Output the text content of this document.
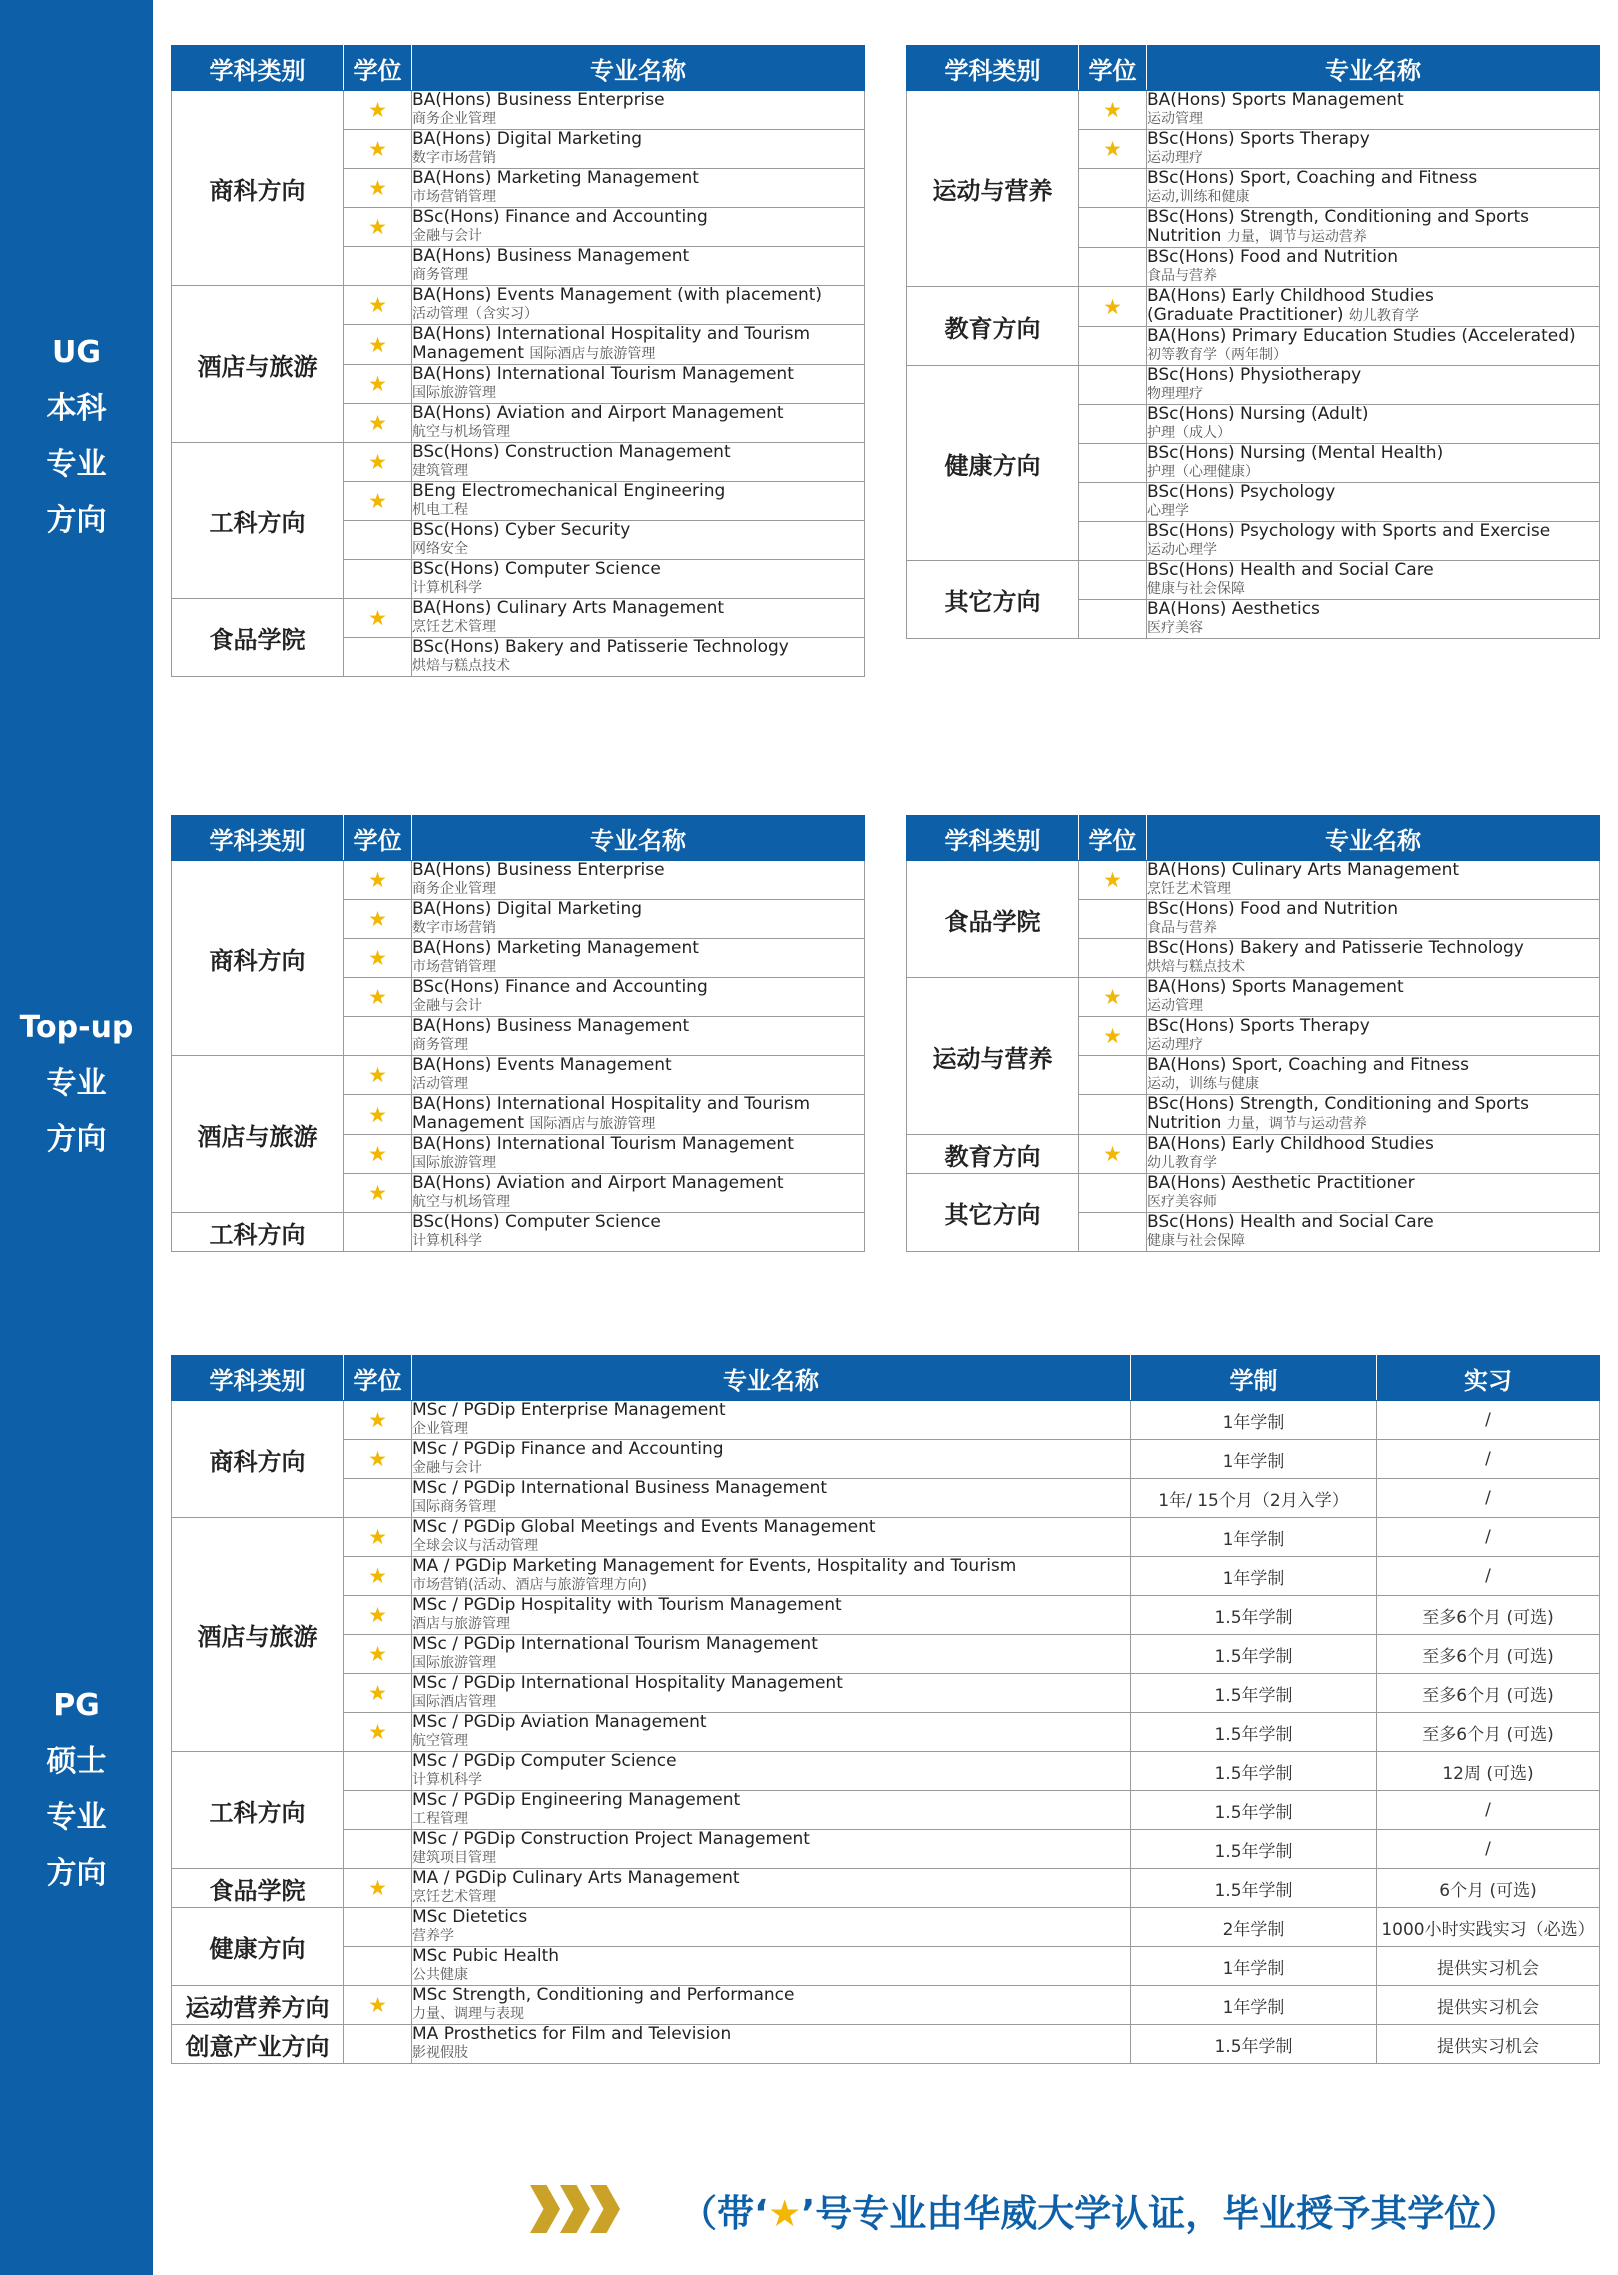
UG
本科
专业
方向
Top-up
专业
方向
PG
硕士
专业
方向
学科类别	学位	专业名称
商科方向	★	BA(Hons) Business Enterprise
商务企业管理

	★	BA(Hons) Digital Marketing
数字市场营销

	★	BA(Hons) Marketing Management
市场营销管理

	★	BSc(Hons) Finance and Accounting
金融与会计

		BA(Hons) Business Management
商务管理

酒店与旅游	★	BA(Hons) Events Management (with placement)
活动管理（含实习）

	★	BA(Hons) International Hospitality and Tourism
Management 国际酒店与旅游管理

	★	BA(Hons) International Tourism Management
国际旅游管理

	★	BA(Hons) Aviation and Airport Management
航空与机场管理

工科方向	★	BSc(Hons) Construction Management
建筑管理

	★	BEng Electromechanical Engineering
机电工程

		BSc(Hons) Cyber Security
网络安全

		BSc(Hons) Computer Science
计算机科学

食品学院	★	BA(Hons) Culinary Arts Management
烹饪艺术管理

		BSc(Hons) Bakery and Patisserie Technology
烘焙与糕点技术
学科类别	学位	专业名称
运动与营养	★	BA(Hons) Sports Management
运动管理

	★	BSc(Hons) Sports Therapy
运动理疗

		BSc(Hons) Sport, Coaching and Fitness
运动,训练和健康

		BSc(Hons) Strength, Conditioning and Sports
Nutrition 力量，调节与运动营养

		BSc(Hons) Food and Nutrition
食品与营养

教育方向	★	BA(Hons) Early Childhood Studies
(Graduate Practitioner) 幼儿教育学

		BA(Hons) Primary Education Studies (Accelerated)
初等教育学（两年制）

健康方向		BSc(Hons) Physiotherapy
物理理疗

		BSc(Hons) Nursing (Adult)
护理（成人）

		BSc(Hons) Nursing (Mental Health)
护理（心理健康）

		BSc(Hons) Psychology
心理学

		BSc(Hons) Psychology with Sports and Exercise
运动心理学

其它方向		BSc(Hons) Health and Social Care
健康与社会保障

		BA(Hons) Aesthetics
医疗美容
学科类别	学位	专业名称
商科方向	★	BA(Hons) Business Enterprise
商务企业管理

	★	BA(Hons) Digital Marketing
数字市场营销

	★	BA(Hons) Marketing Management
市场营销管理

	★	BSc(Hons) Finance and Accounting
金融与会计

		BA(Hons) Business Management
商务管理

酒店与旅游	★	BA(Hons) Events Management
活动管理

	★	BA(Hons) International Hospitality and Tourism
Management 国际酒店与旅游管理

	★	BA(Hons) International Tourism Management
国际旅游管理

	★	BA(Hons) Aviation and Airport Management
航空与机场管理

工科方向		BSc(Hons) Computer Science
计算机科学
学科类别	学位	专业名称
食品学院	★	BA(Hons) Culinary Arts Management
烹饪艺术管理

		BSc(Hons) Food and Nutrition
食品与营养

		BSc(Hons) Bakery and Patisserie Technology
烘焙与糕点技术

运动与营养	★	BA(Hons) Sports Management
运动管理

	★	BSc(Hons) Sports Therapy
运动理疗

		BA(Hons) Sport, Coaching and Fitness
运动，训练与健康

		BSc(Hons) Strength, Conditioning and Sports
Nutrition 力量，调节与运动营养

教育方向	★	BA(Hons) Early Childhood Studies
幼儿教育学

其它方向		BA(Hons) Aesthetic Practitioner
医疗美容师

		BSc(Hons) Health and Social Care
健康与社会保障
学科类别	学位	专业名称	学制	实习
商科方向	★	MSc / PGDip Enterprise Management
企业管理	1年学制	/
	★	MSc / PGDip Finance and Accounting
金融与会计	1年学制	/

		MSc / PGDip International Business Management
国际商务管理	1年/ 15个月（2月入学）	/
酒店与旅游	★	MSc / PGDip Global Meetings and Events Management
全球会议与活动管理	1年学制	/
	★	MA / PGDip Marketing Management for Events, Hospitality and Tourism
市场营销(活动、酒店与旅游管理方向)	1年学制	/
	★	MSc / PGDip Hospitality with Tourism Management
酒店与旅游管理	1.5年学制	至多6个月 (可选)
	★	MSc / PGDip International Tourism Management
国际旅游管理	1.5年学制	至多6个月 (可选)
	★	MSc / PGDip International Hospitality Management
国际酒店管理	1.5年学制	至多6个月 (可选)
	★	MSc / PGDip Aviation Management
航空管理	1.5年学制	至多6个月 (可选)
工科方向		MSc / PGDip Computer Science
计算机科学	1.5年学制	12周 (可选)

		MSc / PGDip Engineering Management
工程管理	1.5年学制	/

		MSc / PGDip Construction Project Management
建筑项目管理	1.5年学制	/
食品学院	★	MA / PGDip Culinary Arts Management
烹饪艺术管理	1.5年学制	6个月 (可选)
健康方向		MSc Dietetics
营养学	2年学制	1000小时实践实习（必选）

		MSc Pubic Health
公共健康	1年学制	提供实习机会
运动营养方向	★	MSc Strength, Conditioning and Performance
力量、调理与表现	1年学制	提供实习机会
创意产业方向		MA Prosthetics for Film and Television
影视假肢	1.5年学制	提供实习机会
（带‘★’号专业由华威大学认证，毕业授予其学位）
